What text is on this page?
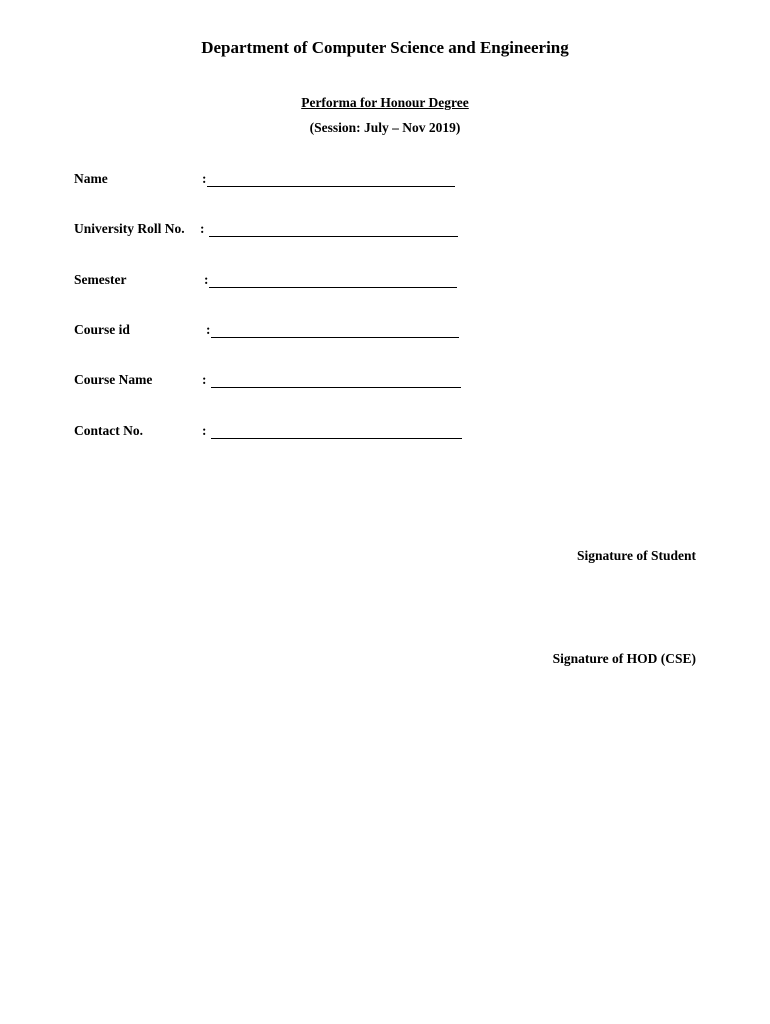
Department of Computer Science and Engineering
Performa for Honour Degree
(Session: July – Nov 2019)
Name	:
University Roll No. :
Semester	:
Course id	:
Course Name	:
Contact No.	:
Signature of Student
Signature of HOD (CSE)
